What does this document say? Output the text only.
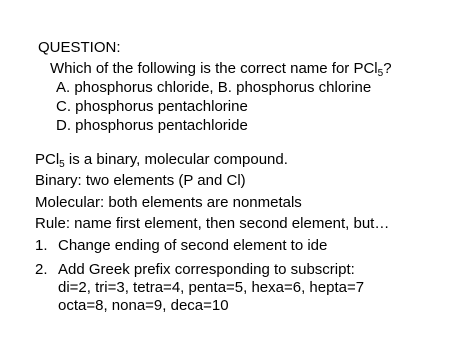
QUESTION:
Which of the following is the correct name for PCl$_5$?
A. phosphorus chloride, B. phosphorus chlorine
C. phosphorus pentachlorine
D. phosphorus pentachloride
PCl$_5$ is a binary, molecular compound.
Binary: two elements (P and Cl)
Molecular: both elements are nonmetals
Rule: name first element, then second element, but…
1. Change ending of second element to ide
2. Add Greek prefix corresponding to subscript:
di=2, tri=3, tetra=4, penta=5, hexa=6, hepta=7
octa=8, nona=9, deca=10
